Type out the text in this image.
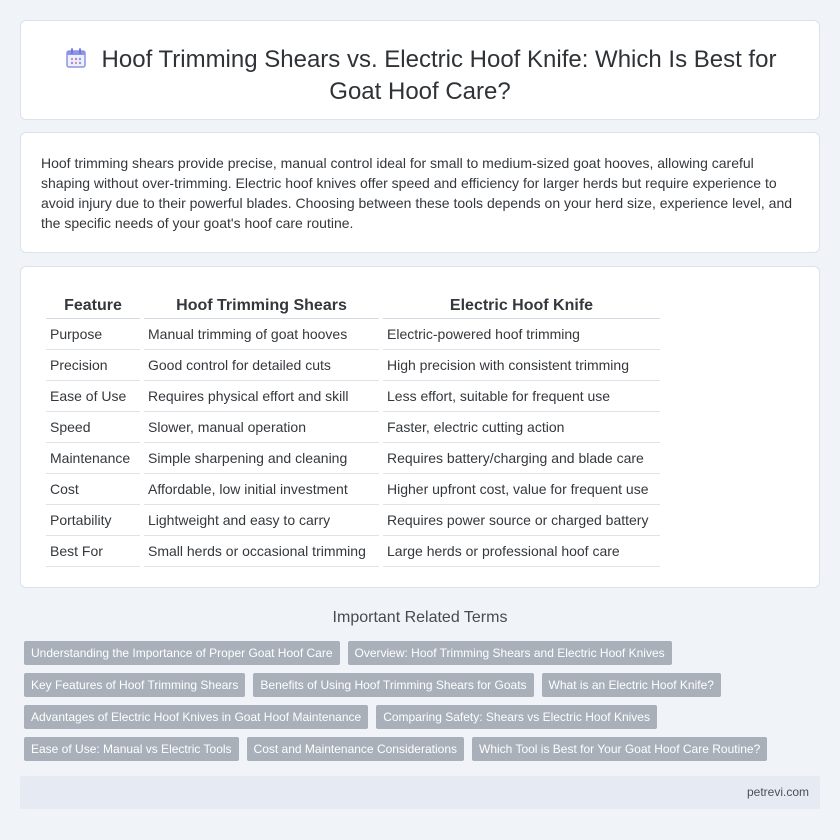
Hoof Trimming Shears vs. Electric Hoof Knife: Which Is Best for Goat Hoof Care?

Hoof trimming shears provide precise, manual control ideal for small to medium-sized goat hooves, allowing careful shaping without over-trimming. Electric hoof knives offer speed and efficiency for larger herds but require experience to avoid injury due to their powerful blades. Choosing between these tools depends on your herd size, experience level, and the specific needs of your goat's hoof care routine.

Feature	Hoof Trimming Shears	Electric Hoof Knife
Purpose	Manual trimming of goat hooves	Electric-powered hoof trimming
Precision	Good control for detailed cuts	High precision with consistent trimming
Ease of Use	Requires physical effort and skill	Less effort, suitable for frequent use
Speed	Slower, manual operation	Faster, electric cutting action
Maintenance	Simple sharpening and cleaning	Requires battery/charging and blade care
Cost	Affordable, low initial investment	Higher upfront cost, value for frequent use
Portability	Lightweight and easy to carry	Requires power source or charged battery
Best For	Small herds or occasional trimming	Large herds or professional hoof care
Important Related Terms
Understanding the Importance of Proper Goat Hoof Care	Overview: Hoof Trimming Shears and Electric Hoof Knives
Key Features of Hoof Trimming Shears	Benefits of Using Hoof Trimming Shears for Goats	What is an Electric Hoof Knife?
Advantages of Electric Hoof Knives in Goat Hoof Maintenance	Comparing Safety: Shears vs Electric Hoof Knives
Ease of Use: Manual vs Electric Tools	Cost and Maintenance Considerations	Which Tool is Best for Your Goat Hoof Care Routine?
petrevi.com
